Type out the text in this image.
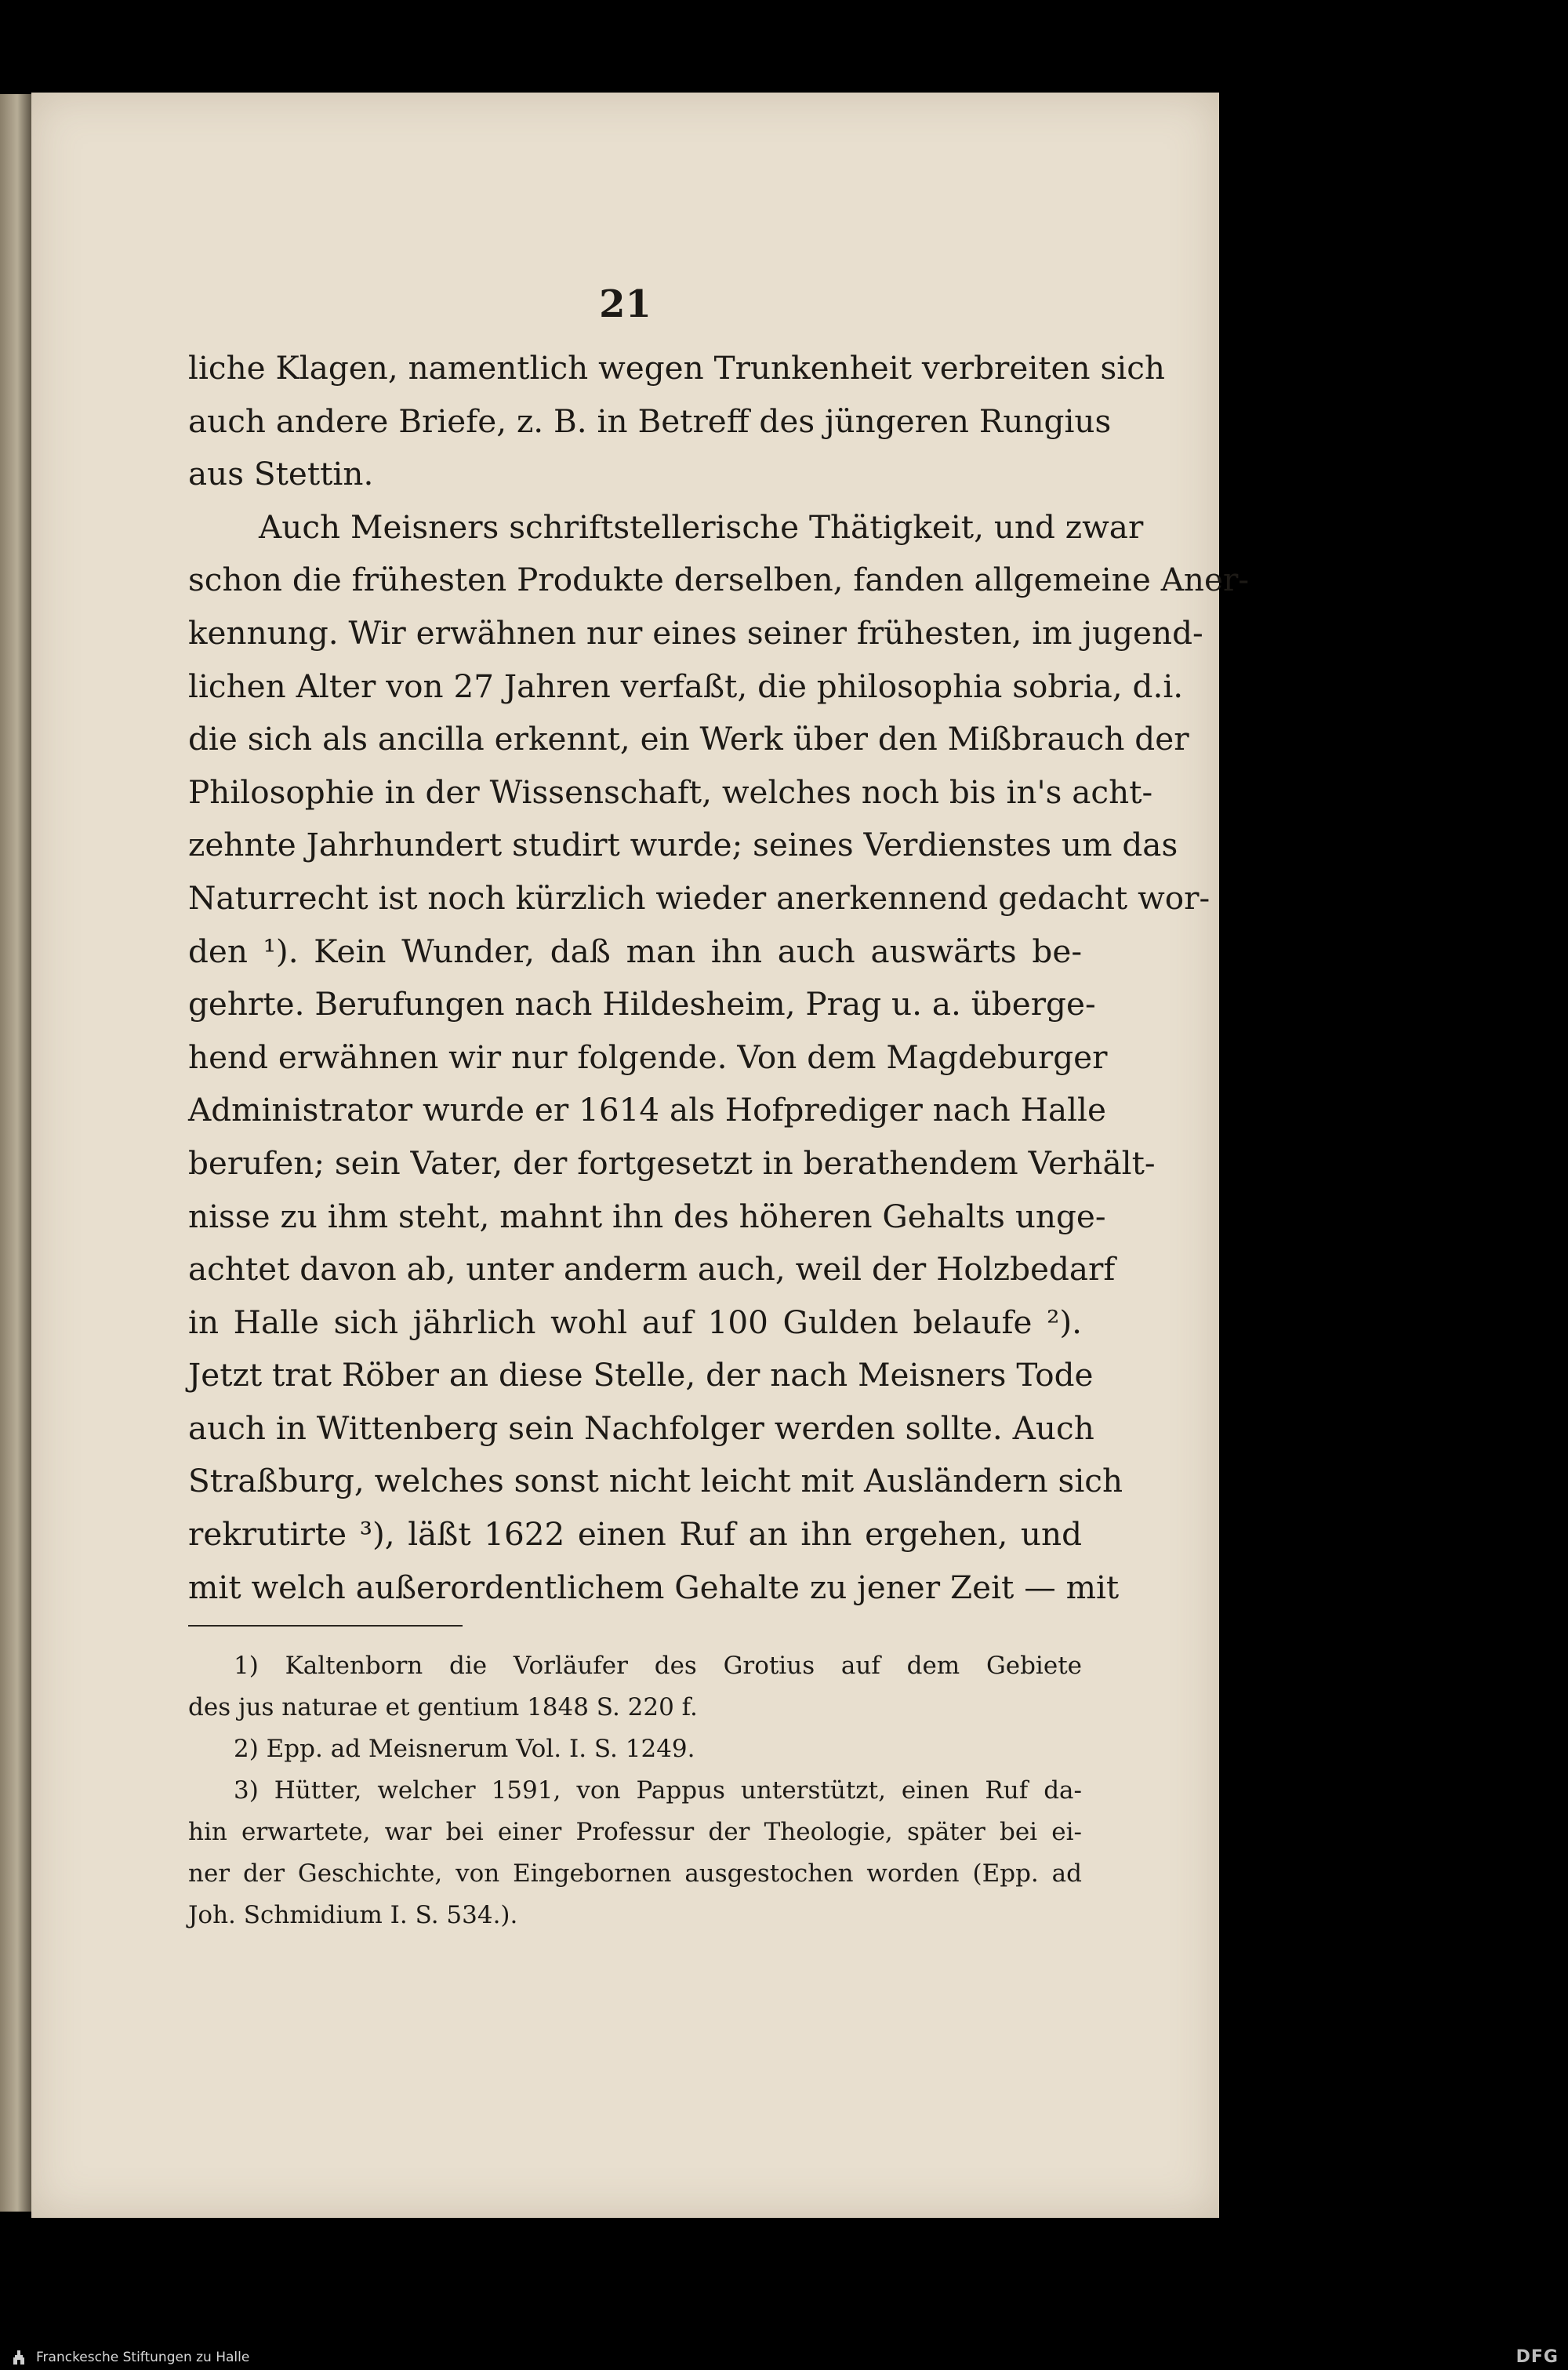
21
liche Klagen, namentlich wegen Trunkenheit verbreiten sich
auch andere Briefe, z. B. in Betreff des jüngeren Rungius
aus Stettin.
Auch Meisners schriftstellerische Thätigkeit, und zwar
schon die frühesten Produkte derselben, fanden allgemeine Aner-
kennung. Wir erwähnen nur eines seiner frühesten, im jugend-
lichen Alter von 27 Jahren verfaßt, die philosophia sobria, d.i.
die sich als ancilla erkennt, ein Werk über den Mißbrauch der
Philosophie in der Wissenschaft, welches noch bis in's acht-
zehnte Jahrhundert studirt wurde; seines Verdienstes um das
Naturrecht ist noch kürzlich wieder anerkennend gedacht wor-
den ¹). Kein Wunder, daß man ihn auch auswärts be-
gehrte. Berufungen nach Hildesheim, Prag u. a. überge-
hend erwähnen wir nur folgende. Von dem Magdeburger
Administrator wurde er 1614 als Hofprediger nach Halle
berufen; sein Vater, der fortgesetzt in berathendem Verhält-
nisse zu ihm steht, mahnt ihn des höheren Gehalts unge-
achtet davon ab, unter anderm auch, weil der Holzbedarf
in Halle sich jährlich wohl auf 100 Gulden belaufe ²).
Jetzt trat Röber an diese Stelle, der nach Meisners Tode
auch in Wittenberg sein Nachfolger werden sollte. Auch
Straßburg, welches sonst nicht leicht mit Ausländern sich
rekrutirte ³), läßt 1622 einen Ruf an ihn ergehen, und
mit welch außerordentlichem Gehalte zu jener Zeit — mit
1) Kaltenborn die Vorläufer des Grotius auf dem Gebiete
des jus naturae et gentium 1848 S. 220 f.
2) Epp. ad Meisnerum Vol. I. S. 1249.
3) Hütter, welcher 1591, von Pappus unterstützt, einen Ruf da-
hin erwartete, war bei einer Professur der Theologie, später bei ei-
ner der Geschichte, von Eingebornen ausgestochen worden (Epp. ad
Joh. Schmidium I. S. 534.).
Franckesche Stiftungen zu Halle	DFG
